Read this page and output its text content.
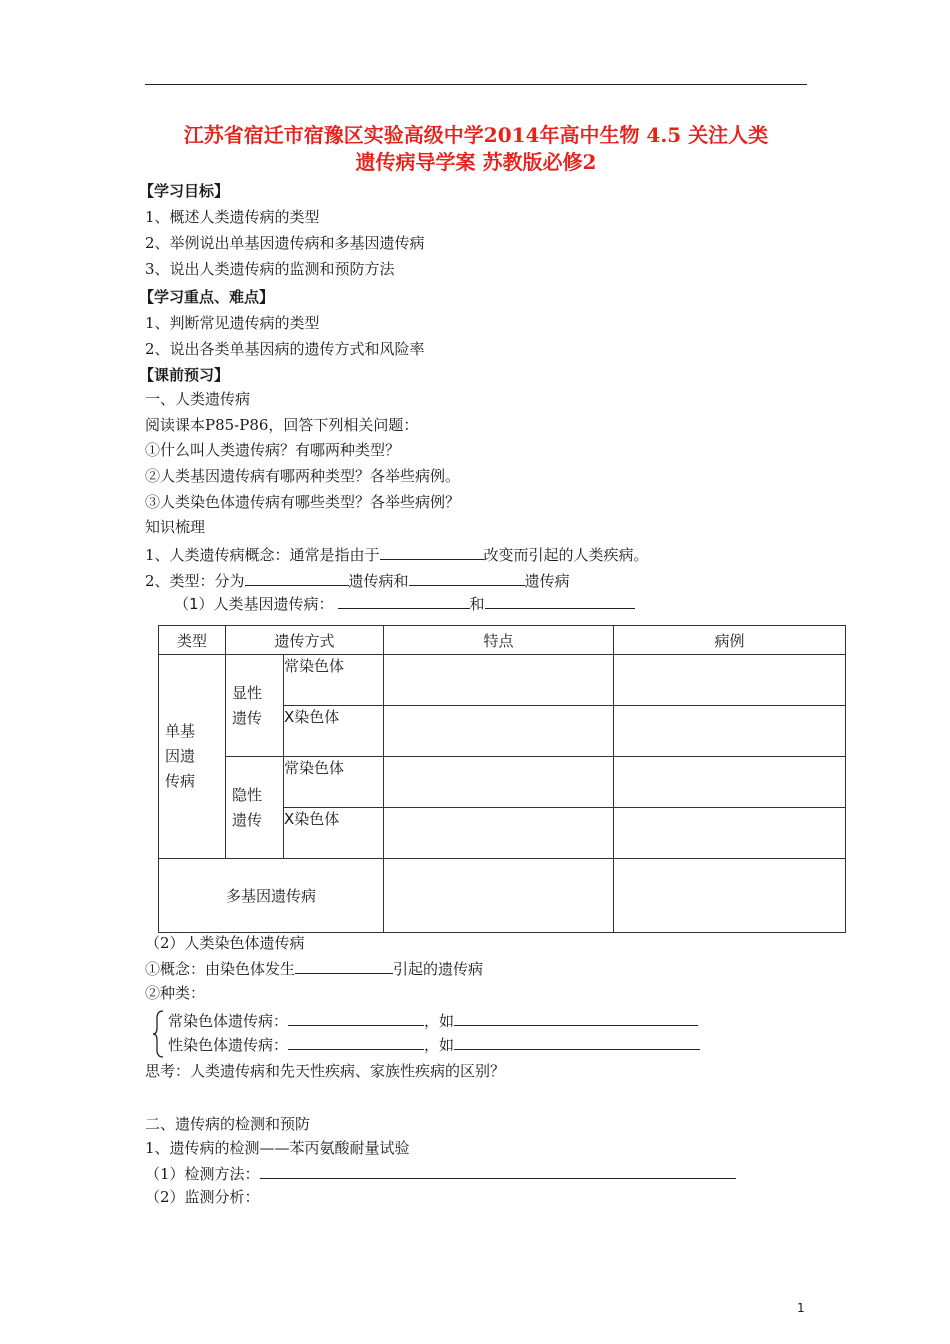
江苏省宿迁市宿豫区实验高级中学2014年高中生物 4.5 关注人类
遗传病导学案 苏教版必修2
【学习目标】
1、概述人类遗传病的类型
2、举例说出单基因遗传病和多基因遗传病
3、说出人类遗传病的监测和预防方法
【学习重点、难点】
1、判断常见遗传病的类型
2、说出各类单基因病的遗传方式和风险率
【课前预习】
一、人类遗传病
阅读课本P85-P86，回答下列相关问题：
①什么叫人类遗传病？有哪两种类型？
②人类基因遗传病有哪两种类型？各举些病例。
③人类染色体遗传病有哪些类型？各举些病例？
知识梳理
1、人类遗传病概念：通常是指由于	改变而引起的人类疾病。
2、类型：分为	遗传病和	遗传病
（1）人类基因遗传病：	和
类型	遗传方式		特点	病例

单基因遗传病	显性遗传	常染色体		
		X染色体		

	隐性遗传	常染色体		
		X染色体		
多基因遗传病				
（2）人类染色体遗传病
①概念：由染色体发生	引起的遗传病
②种类：
常染色体遗传病：	，如
性染色体遗传病：	，如
思考：人类遗传病和先天性疾病、家族性疾病的区别？
二、遗传病的检测和预防
1、遗传病的检测——苯丙氨酸耐量试验
（1）检测方法：
（2）监测分析：
1
